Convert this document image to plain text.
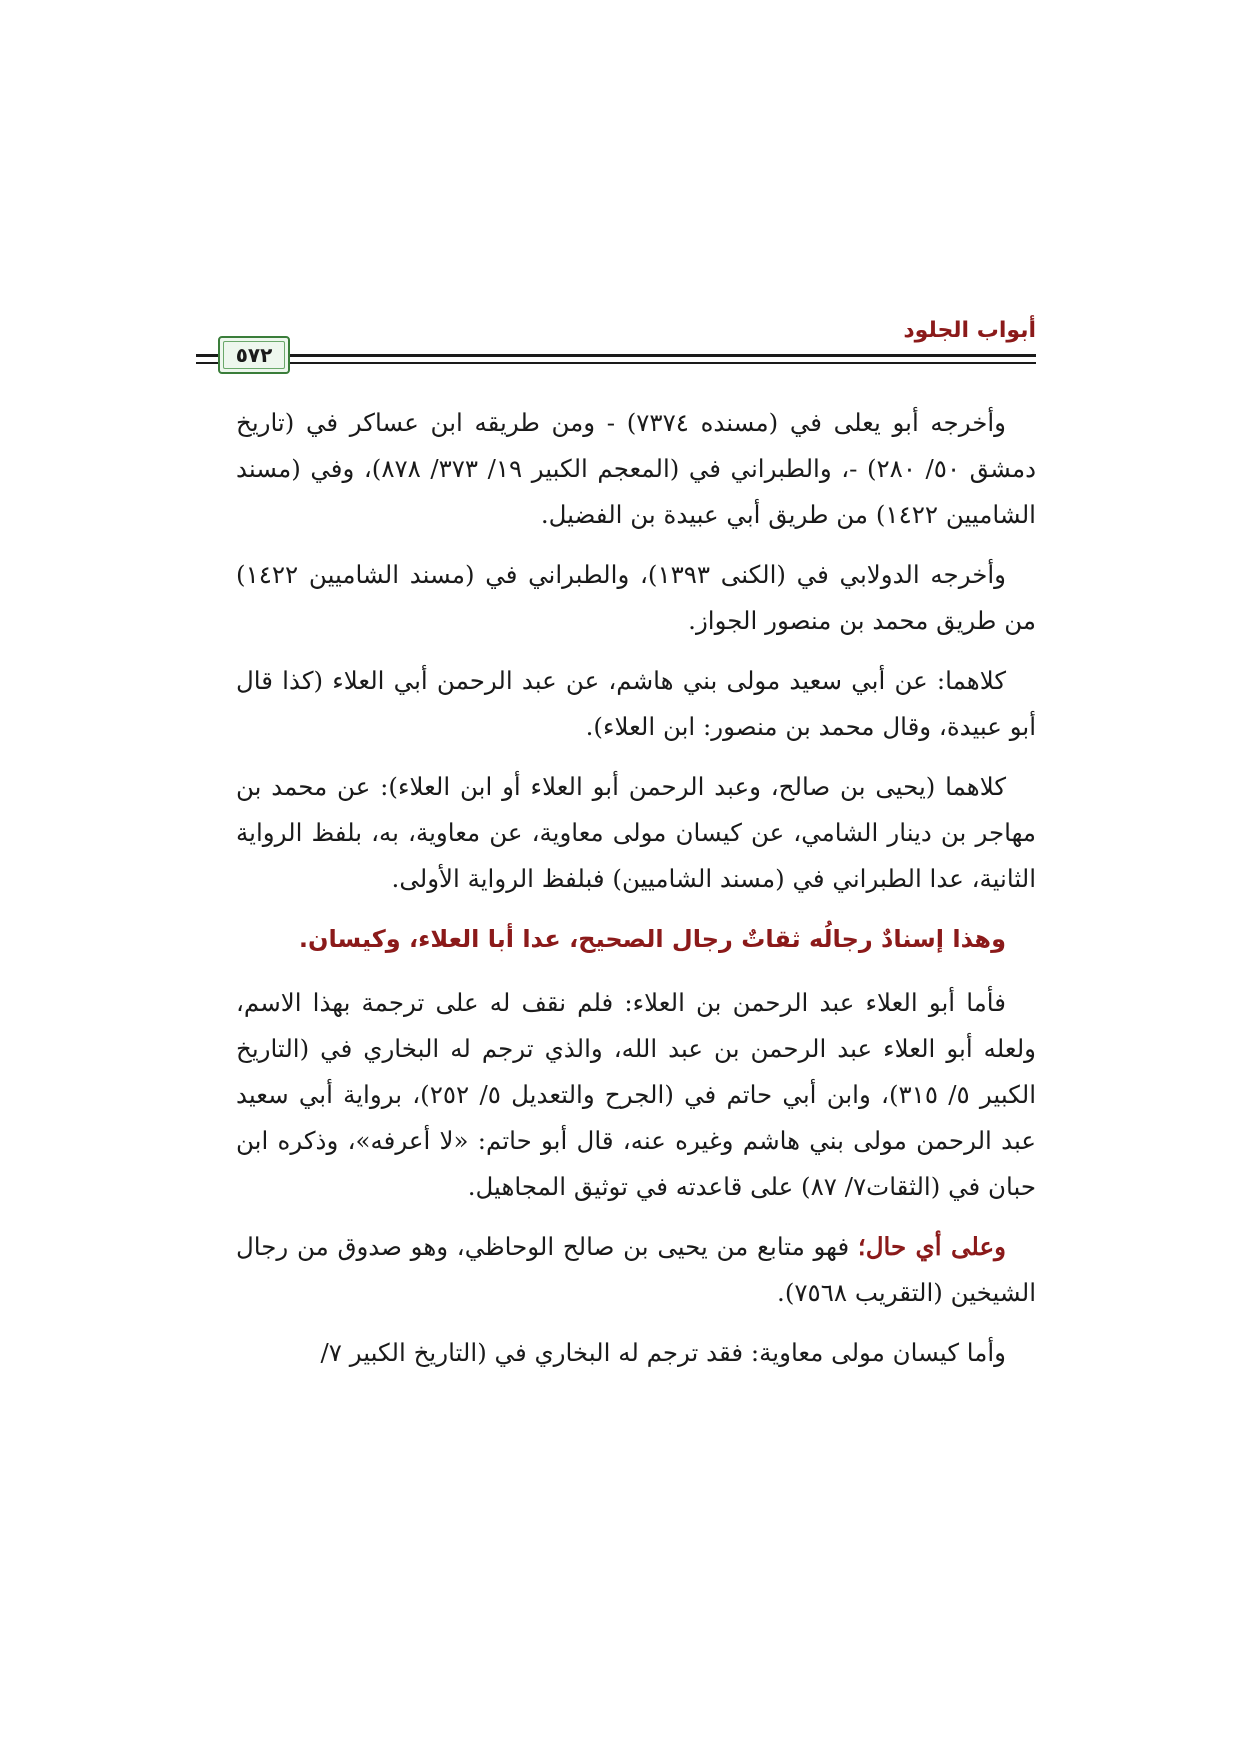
أبواب الجلود
٥٧٢

وأخرجه أبو يعلى في (مسنده ٧٣٧٤) - ومن طريقه ابن عساكر في (تاريخ دمشق ٥٠/ ٢٨٠) -، والطبراني في (المعجم الكبير ١٩/ ٣٧٣/ ٨٧٨)، وفي (مسند الشاميين ١٤٢٢) من طريق أبي عبيدة بن الفضيل.

وأخرجه الدولابي في (الكنى ١٣٩٣)، والطبراني في (مسند الشاميين ١٤٢٢) من طريق محمد بن منصور الجواز.

كلاهما: عن أبي سعيد مولى بني هاشم، عن عبد الرحمن أبي العلاء (كذا قال أبو عبيدة، وقال محمد بن منصور: ابن العلاء).

كلاهما (يحيى بن صالح، وعبد الرحمن أبو العلاء أو ابن العلاء): عن محمد بن مهاجر بن دينار الشامي، عن كيسان مولى معاوية، عن معاوية، به، بلفظ الرواية الثانية، عدا الطبراني في (مسند الشاميين) فبلفظ الرواية الأولى.

وهذا إسنادٌ رجالُه ثقاتٌ رجال الصحيح، عدا أبا العلاء، وكيسان.

فأما أبو العلاء عبد الرحمن بن العلاء: فلم نقف له على ترجمة بهذا الاسم، ولعله أبو العلاء عبد الرحمن بن عبد الله، والذي ترجم له البخاري في (التاريخ الكبير ٥/ ٣١٥)، وابن أبي حاتم في (الجرح والتعديل ٥/ ٢٥٢)، برواية أبي سعيد عبد الرحمن مولى بني هاشم وغيره عنه، قال أبو حاتم: «لا أعرفه»، وذكره ابن حبان في (الثقات٧/ ٨٧) على قاعدته في توثيق المجاهيل.

وعلى أي حال؛ فهو متابع من يحيى بن صالح الوحاظي، وهو صدوق من رجال الشيخين (التقريب ٧٥٦٨).

وأما كيسان مولى معاوية: فقد ترجم له البخاري في (التاريخ الكبير ٧/
